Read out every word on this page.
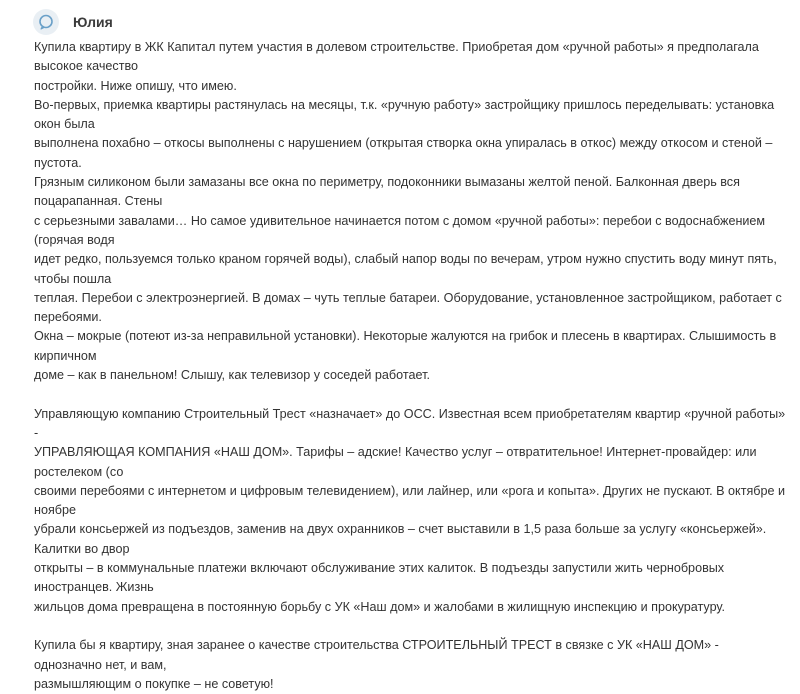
Юлия

Купила квартиру в ЖК Капитал путем участия в долевом строительстве. Приобретая дом «ручной работы» я предполагала высокое качество

постройки. Ниже опишу, что имею.

Во-первых, приемка квартиры растянулась на месяцы, т.к. «ручную работу» застройщику пришлось переделывать: установка окон была

выполнена похабно – откосы выполнены с нарушением (открытая створка окна упиралась в откос) между откосом и стеной – пустота.

Грязным силиконом были замазаны все окна по периметру, подоконники вымазаны желтой пеной. Балконная дверь вся поцарапанная. Стены

с серьезными завалами… Но самое удивительное начинается потом с домом «ручной работы»: перебои с водоснабжением (горячая водя

идет редко, пользуемся только краном горячей воды), слабый напор воды по вечерам, утром нужно спустить воду минут пять, чтобы пошла

теплая. Перебои с электроэнергией. В домах – чуть теплые батареи. Оборудование, установленное застройщиком, работает с перебоями.

Окна – мокрые (потеют из-за неправильной установки). Некоторые жалуются на грибок и плесень в квартирах. Слышимость в кирпичном

доме – как в панельном! Слышу, как телевизор у соседей работает.

Управляющую компанию Строительный Трест «назначает» до ОСС. Известная всем приобретателям квартир «ручной работы» -

УПРАВЛЯЮЩАЯ КОМПАНИЯ «НАШ ДОМ». Тарифы – адские! Качество услуг – отвратительное! Интернет-провайдер: или ростелеком (со

своими перебоями с интернетом и цифровым телевидением), или лайнер, или «рога и копыта». Других не пускают. В октябре и ноябре

убрали консьержей из подъездов, заменив на двух охранников – счет выставили в 1,5 раза больше за услугу «консьержей». Калитки во двор

открыты – в коммунальные платежи включают обслуживание этих калиток. В подъезды запустили жить чернобровых иностранцев. Жизнь

жильцов дома превращена в постоянную борьбу с УК «Наш дом» и жалобами в жилищную инспекцию и прокуратуру.

Купила бы я квартиру, зная заранее о качестве строительства СТРОИТЕЛЬНЫЙ ТРЕСТ в связке с УК «НАШ ДОМ» - однозначно нет, и вам,

размышляющим о покупке – не советую!
